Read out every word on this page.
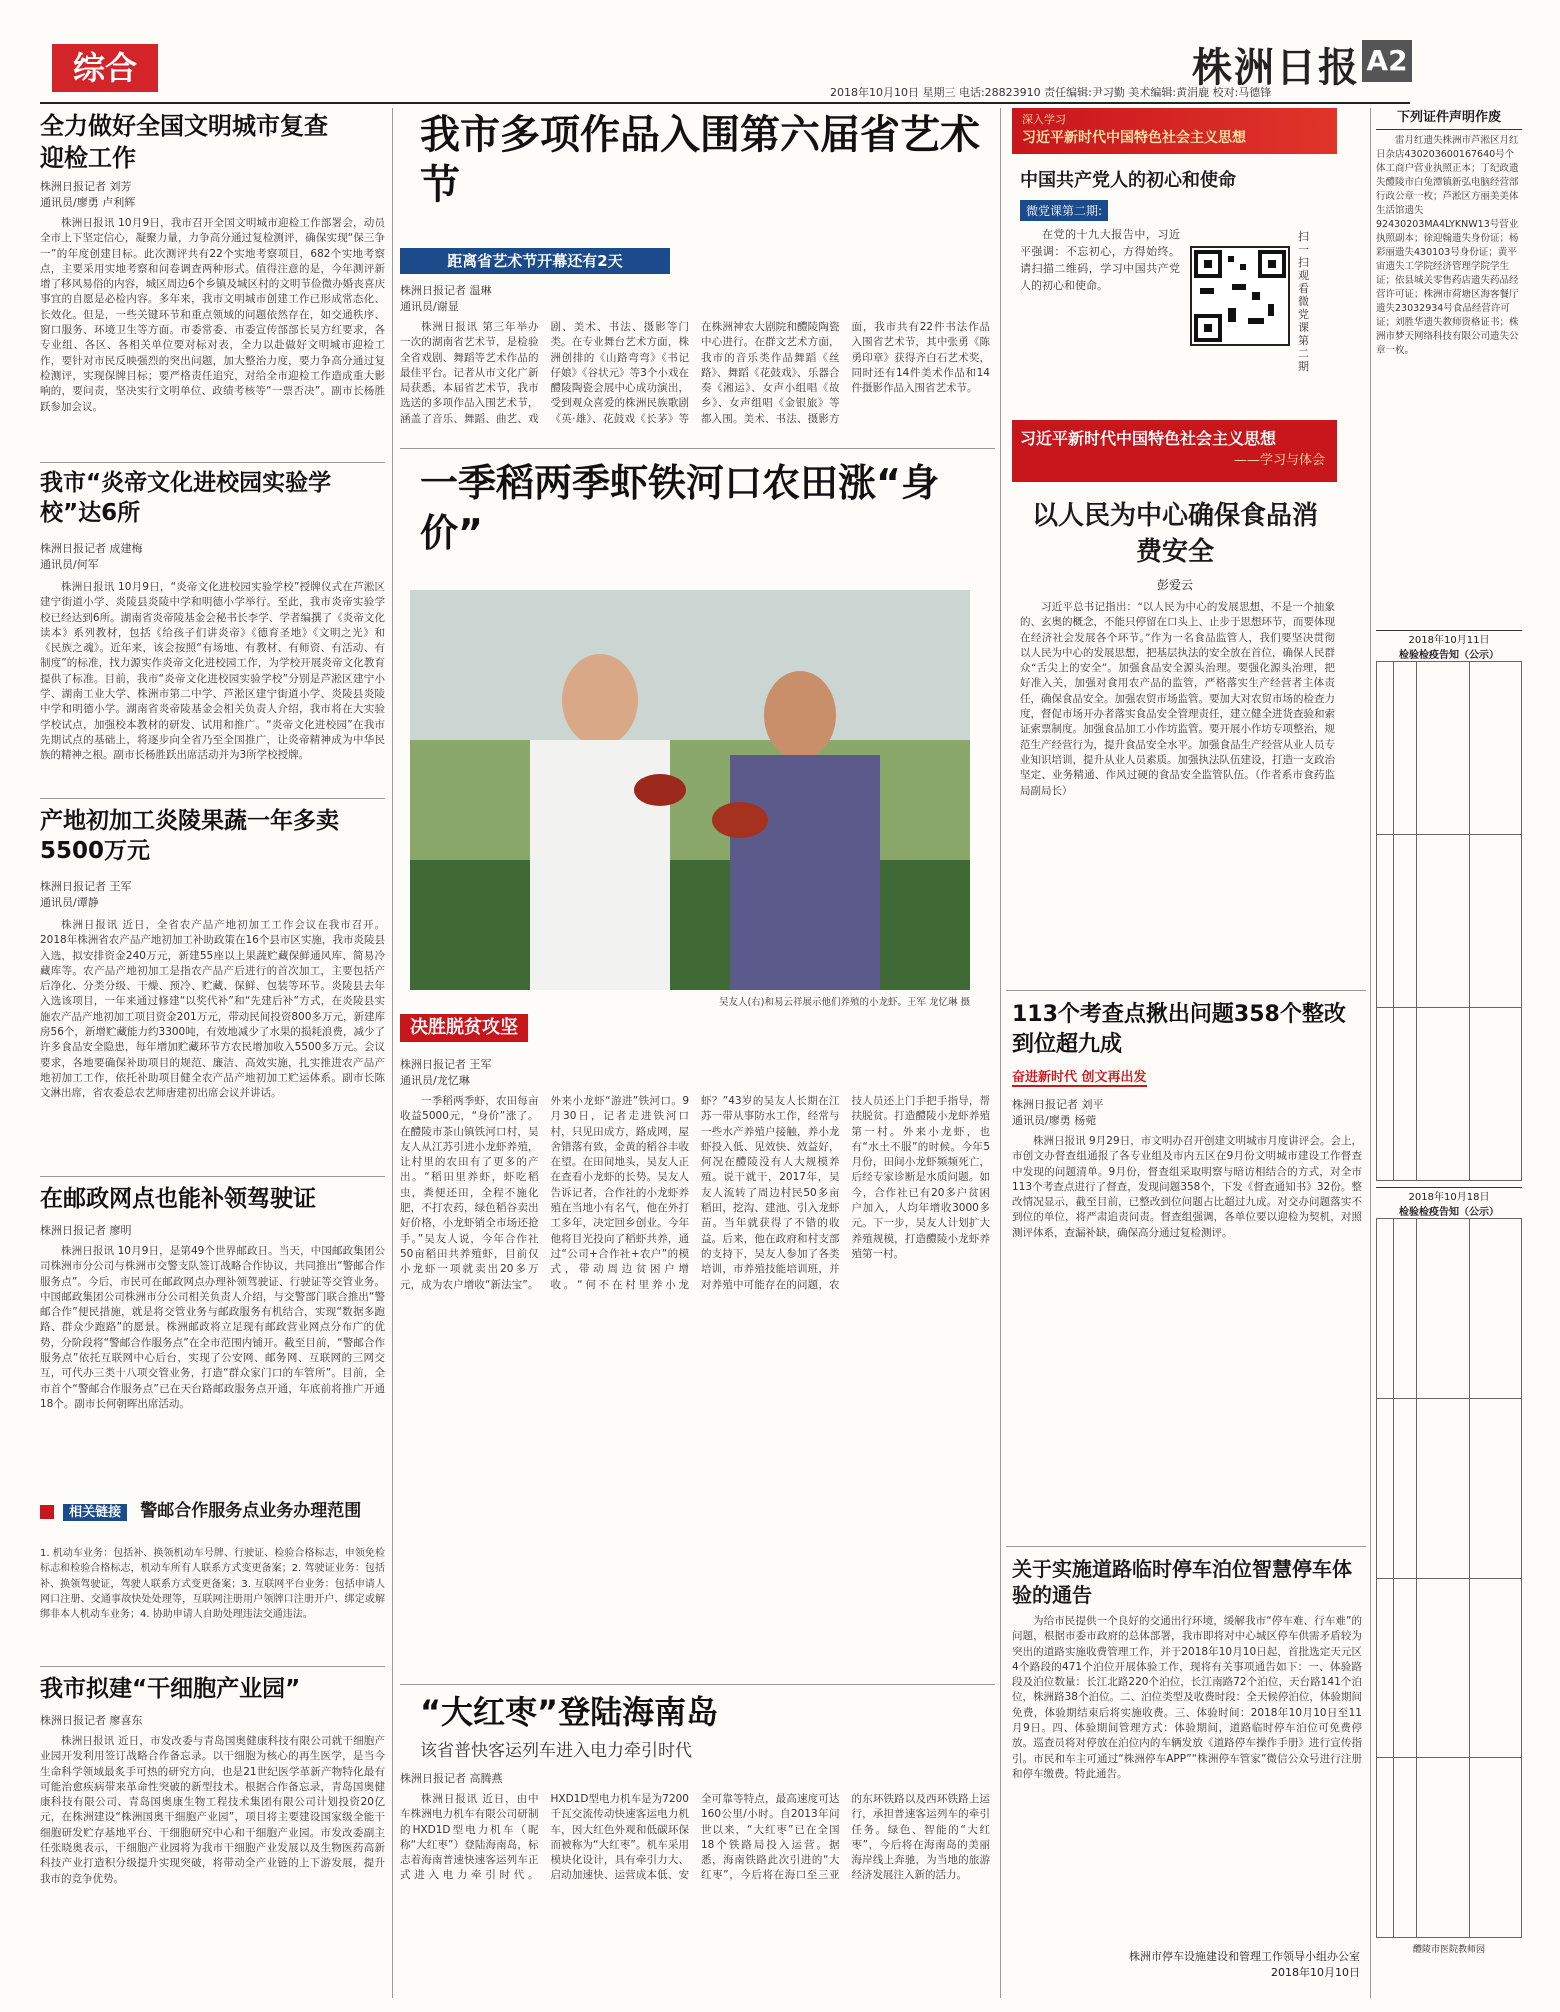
综合	株洲日报 A2
2018年10月10日 星期三 电话:28823910 责任编辑:尹习勤 美术编辑:黄涓鹿 校对:马德锋
全力做好全国文明城市复查迎检工作
株洲日报记者 刘芳
通讯员/廖勇 卢利辉
株洲日报讯 10月9日，我市召开全国文明城市迎检工作部署会，动员全市上下坚定信心，凝聚力量，力争高分通过复检测评，确保实现“保三争一”的年度创建目标。此次测评共有22个实地考察项目，682个实地考察点，主要采用实地考察和问卷调查两种形式。值得注意的是，今年测评新增了移风易俗的内容，城区周边6个乡镇及城区村的文明节俭微办婚丧喜庆事宜的自愿是必检内容。多年来，我市文明城市创建工作已形成常态化、长效化。但是，一些关键环节和重点领域的问题依然存在，如交通秩序、窗口服务、环境卫生等方面。市委常委、市委宣传部部长吴方红要求，各专业组、各区、各相关单位要对标对表，全力以赴做好文明城市迎检工作，要针对市民反映强烈的突出问题，加大整治力度，要力争高分通过复检测评，实现保牌目标；要严格责任追究，对给全市迎检工作造成重大影响的，要问责，坚决实行文明单位、政绩考核等“一票否决”。副市长杨胜跃参加会议。
我市“炎帝文化进校园实验学校”达6所
株洲日报记者 成建梅
通讯员/何军
株洲日报讯 10月9日，“炎帝文化进校园实验学校”授牌仪式在芦淞区建宁街道小学、炎陵县炎陵中学和明德小学举行。至此，我市炎帝实验学校已经达到6所。湖南省炎帝陵基金会秘书长李学、学者编撰了《炎帝文化读本》系列教材，包括《给孩子们讲炎帝》《德育圣地》《文明之光》和《民族之魂》。近年来，该会按照“有场地、有教材、有师资、有活动、有制度”的标准，找力源实作炎帝文化进校园工作，为学校开展炎帝文化教育提供了标准。目前，我市“炎帝文化进校园实验学校”分别是芦淞区建宁小学、湖南工业大学、株洲市第二中学、芦淞区建宁街道小学、炎陵县炎陵中学和明德小学。湖南省炎帝陵基金会相关负责人介绍，我市将在大实验学校试点，加强校本教材的研发、试用和推广。“炎帝文化进校园”在我市先期试点的基础上，将逐步向全省乃至全国推广，让炎帝精神成为中华民族的精神之根。副市长杨胜跃出席活动并为3所学校授牌。
产地初加工炎陵果蔬一年多卖5500万元
株洲日报记者 王军
通讯员/谭静
株洲日报讯 近日，全省农产品产地初加工工作会议在我市召开。2018年株洲省农产品产地初加工补助政策在16个县市区实施，我市炎陵县入选，拟安排资金240万元，新建55座以上果蔬贮藏保鲜通风库、简易冷藏库等。农产品产地初加工是指农产品产后进行的首次加工，主要包括产后净化、分类分级、干燥、预冷、贮藏、保鲜、包装等环节。炎陵县去年入选该项目，一年来通过修建“以奖代补”和“先建后补”方式，在炎陵县实施农产品产地初加工项目资金201万元，带动民间投资800多万元，新建库房56个，新增贮藏能力约3300吨，有效地减少了水果的损耗浪费，减少了许多食品安全隐患，每年增加贮藏环节方农民增加收入5500多万元。会议要求，各地要确保补助项目的规范、廉洁、高效实施，扎实推进农产品产地初加工工作，依托补助项目健全农产品产地初加工贮运体系。副市长陈文淋出席，省农委总农艺师唐建初出席会议并讲话。
在邮政网点也能补领驾驶证
株洲日报记者 廖明
株洲日报讯 10月9日，是第49个世界邮政日。当天，中国邮政集团公司株洲市分公司与株洲市交警支队签订战略合作协议，共同推出“警邮合作服务点”。今后，市民可在邮政网点办理补领驾驶证、行驶证等交管业务。中国邮政集团公司株洲市分公司相关负责人介绍，与交警部门联合推出“警邮合作”便民措施，就是将交管业务与邮政服务有机结合，实现“数据多跑路、群众少跑路”的愿景。株洲邮政将立足现有邮政营业网点分布广的优势，分阶段将“警邮合作服务点”在全市范围内铺开。截至目前，“警邮合作服务点”依托互联网中心后台，实现了公安网、邮务网、互联网的三网交互，可代办三类十八项交管业务，打造“群众家门口的车管所”。目前，全市首个“警邮合作服务点”已在天台路邮政服务点开通，年底前将推广开通18个。副市长何朝晖出席活动。
相关链接 警邮合作服务点业务办理范围
1. 机动车业务：包括补、换领机动车号牌、行驶证、检验合格标志，申领免检标志和检验合格标志，机动车所有人联系方式变更备案；2. 驾驶证业务：包括补、换领驾驶证，驾驶人联系方式变更备案；3. 互联网平台业务：包括申请人网口注册、交通事故快处处理等，互联网注册用户领牌口注册开户、绑定或解绑非本人机动车业务；4. 协助申请人自助处理违法交通违法。
我市拟建“干细胞产业园”
株洲日报记者 廖喜东
株洲日报讯 近日，市发改委与青岛国奥健康科技有限公司就干细胞产业园开发利用签订战略合作备忘录。以干细胞为核心的再生医学，是当今生命科学领域最炙手可热的研究方向，也是21世纪医学革新产物特化最有可能治愈疾病带来革命性突破的新型技术。根据合作备忘录，青岛国奥健康科技有限公司、青岛国奥康生物工程技术集团有限公司计划投资20亿元，在株洲建设“株洲国奥干细胞产业园”，项目将主要建设国家级全能干细胞研发贮存基地平台、干细胞研究中心和干细胞产业园。市发改委副主任张晓奥表示，干细胞产业园将为我市干细胞产业发展以及生物医药高新科技产业打造积分级提升实现突破，将带动全产业链的上下游发展，提升我市的竞争优势。
我市多项作品入围第六届省艺术节
距离省艺术节开幕还有2天
株洲日报记者 温琳
通讯员/谢显
株洲日报讯 第三年举办一次的湖南省艺术节，是检验全省戏剧、舞蹈等艺术作品的最佳平台。记者从市文化广新局获悉，本届省艺术节，我市选送的多项作品入围艺术节，涵盖了音乐、舞蹈、曲艺、戏剧、美术、书法、摄影等门类。在专业舞台艺术方面，株洲创排的《山路弯弯》《书记仔娘》《谷状元》等3个小戏在醴陵陶瓷会展中心成功演出，受到观众喜爱的株洲民族歌剧《英·雄》、花鼓戏《长茅》等在株洲神农大剧院和醴陵陶瓷中心进行。在群文艺术方面，我市的音乐类作品舞蹈《丝路》、舞蹈《花鼓戏》、乐器合奏《湘运》、女声小组唱《故乡》、女声组唱《金银旅》等都入围。美术、书法、摄影方面，我市共有22件书法作品入围省艺术节，其中张勇《陈勇印章》获得齐白石艺术奖，同时还有14件美术作品和14件摄影作品入围省艺术节。
一季稻两季虾铁河口农田涨“身价”
吴友人(右)和易云祥展示他们养殖的小龙虾。王军 龙忆琳 摄
决胜脱贫攻坚
株洲日报记者 王军
通讯员/龙忆琳
一季稻两季虾，农田每亩收益5000元，“身价”涨了。在醴陵市茶山镇铁河口村，吴友人从江苏引进小龙虾养殖，让村里的农田有了更多的产出。“稻田里养虾，虾吃稻虫，粪便还田，全程不施化肥，不打农药，绿色稻谷卖出好价格，小龙虾销全市场还抢手。”吴友人说，今年合作社50亩稻田共养殖虾，目前仅小龙虾一项就卖出20多万元，成为农户增收“新法宝”。外来小龙虾“游进”铁河口。9月30日，记者走进铁河口村，只见田成方，路成网，屋舍错落有致，金黄的稻谷丰收在望。在田间地头，吴友人正在查看小龙虾的长势。吴友人告诉记者，合作社的小龙虾养殖在当地小有名气，他在外打工多年，决定回乡创业。今年他将目光投向了稻虾共养，通过“公司+合作社+农户”的模式，带动周边贫困户增收。“何不在村里养小龙虾？”43岁的吴友人长期在江苏一带从事防水工作，经常与一些水产养殖户接触，养小龙虾投入低、见效快、效益好，何况在醴陵没有人大规模养殖。说干就干，2017年，吴友人流转了周边村民50多亩稻田，挖沟、建池、引入龙虾苗。当年就获得了不错的收益。后来，他在政府和村支部的支持下，吴友人参加了各类培训，市养殖技能培训班，并对养殖中可能存在的问题，农技人员还上门手把手指导，帮扶脱贫。打造醴陵小龙虾养殖第一村。外来小龙虾，也有“水土不服”的时候。今年5月份，田间小龙虾频频死亡，后经专家诊断是水质问题。如今，合作社已有20多户贫困户加入，人均年增收3000多元。下一步，吴友人计划扩大养殖规模，打造醴陵小龙虾养殖第一村。
“大红枣”登陆海南岛
该省普快客运列车进入电力牵引时代
株洲日报记者 高腾燕
株洲日报讯 近日，由中车株洲电力机车有限公司研制的HXD1D型电力机车（昵称“大红枣”）登陆海南岛，标志着海南普速快速客运列车正式进入电力牵引时代。HXD1D型电力机车是为7200千瓦交流传动快速客运电力机车，因大红色外观和低碳环保而被称为“大红枣”。机车采用模块化设计，具有牵引力大、启动加速快、运营成本低、安全可靠等特点，最高速度可达160公里/小时。自2013年问世以来，“大红枣”已在全国18个铁路局投入运营。据悉，海南铁路此次引进的“大红枣”，今后将在海口至三亚的东环铁路以及西环铁路上运行，承担普速客运列车的牵引任务。绿色、智能的“大红枣”，今后将在海南岛的美丽海岸线上奔驰，为当地的旅游经济发展注入新的活力。
深入学习
习近平新时代中国特色社会主义思想
中国共产党人的初心和使命
微党课第二期:
在党的十九大报告中，习近平强调：不忘初心，方得始终。请扫描二维码，学习中国共产党人的初心和使命。
扫一扫观看微党课第二期
习近平新时代中国特色社会主义思想
——学习与体会
以人民为中心确保食品消费安全
彭爱云
习近平总书记指出：“以人民为中心的发展思想，不是一个抽象的、玄奥的概念，不能只停留在口头上、止步于思想环节，而要体现在经济社会发展各个环节。”作为一名食品监管人，我们要坚决贯彻以人民为中心的发展思想，把基层执法的安全放在首位，确保人民群众“舌尖上的安全”。加强食品安全源头治理。要强化源头治理，把好准入关，加强对食用农产品的监管，严格落实生产经营者主体责任，确保食品安全。加强农贸市场监管。要加大对农贸市场的检查力度，督促市场开办者落实食品安全管理责任，建立健全进货查验和索证索票制度。加强食品加工小作坊监管。要开展小作坊专项整治，规范生产经营行为，提升食品安全水平。加强食品生产经营从业人员专业知识培训，提升从业人员素质。加强执法队伍建设，打造一支政治坚定、业务精通、作风过硬的食品安全监管队伍。（作者系市食药监局副局长）
113个考查点揪出问题358个整改到位超九成
奋进新时代 创文再出发
株洲日报记者 刘平
通讯员/廖勇 杨菀
株洲日报讯 9月29日，市文明办召开创建文明城市月度讲评会。会上，市创文办督查组通报了各专业组及市内五区在9月份文明城市建设工作督查中发现的问题清单。9月份，督查组采取明察与暗访相结合的方式，对全市113个考查点进行了督查，发现问题358个，下发《督查通知书》32份。整改情况显示，截至目前，已整改到位问题占比超过九成。对交办问题落实不到位的单位，将严肃追责问责。督查组强调，各单位要以迎检为契机，对照测评体系，查漏补缺，确保高分通过复检测评。
关于实施道路临时停车泊位智慧停车体验的通告
为给市民提供一个良好的交通出行环境，缓解我市“停车难、行车难”的问题，根据市委市政府的总体部署，我市即将对中心城区停车供需矛盾较为突出的道路实施收费管理工作，并于2018年10月10日起，首批选定天元区4个路段的471个泊位开展体验工作，现将有关事项通告如下：一、体验路段及泊位数量：长江北路220个泊位，长江南路72个泊位，天台路141个泊位，株洲路38个泊位。二、泊位类型及收费时段：全天候停泊位，体验期间免费，体验期结束后将实施收费。三、体验时间：2018年10月10日至11月9日。四、体验期间管理方式：体验期间，道路临时停车泊位可免费停放。巡查员将对停放在泊位内的车辆发放《道路停车操作手册》进行宣传指引。市民和车主可通过“株洲停车APP”“株洲停车管家”微信公众号进行注册和停车缴费。特此通告。
株洲市停车设施建设和管理工作领导小组办公室
2018年10月10日
下列证件声明作废
雷月红遗失株洲市芦淞区月红日杂店430203600167640号个体工商户营业执照正本；丁纪政遗失醴陵市白兔潭镇新弘电脑经营部行政公章一枚；芦淞区方丽美美体生活馆遗失92430203MA4LYKNW13号营业执照副本；徐迎翰遗失身份证；杨彩丽遗失430103号身份证；黄平宙遗失工学院经济管理学院学生证；依县城关零售药店遗失药品经营许可证；株洲市荷塘区海客餐厅遗失23032934号食品经营许可证；刘胜华遗失教师资格证书；株洲市梦天网络科技有限公司遗失公章一枚。
2018年10月11日
检验检疫告知（公示）

2018年10月18日
检验检疫告知（公示）

醴陵市医院教师园
